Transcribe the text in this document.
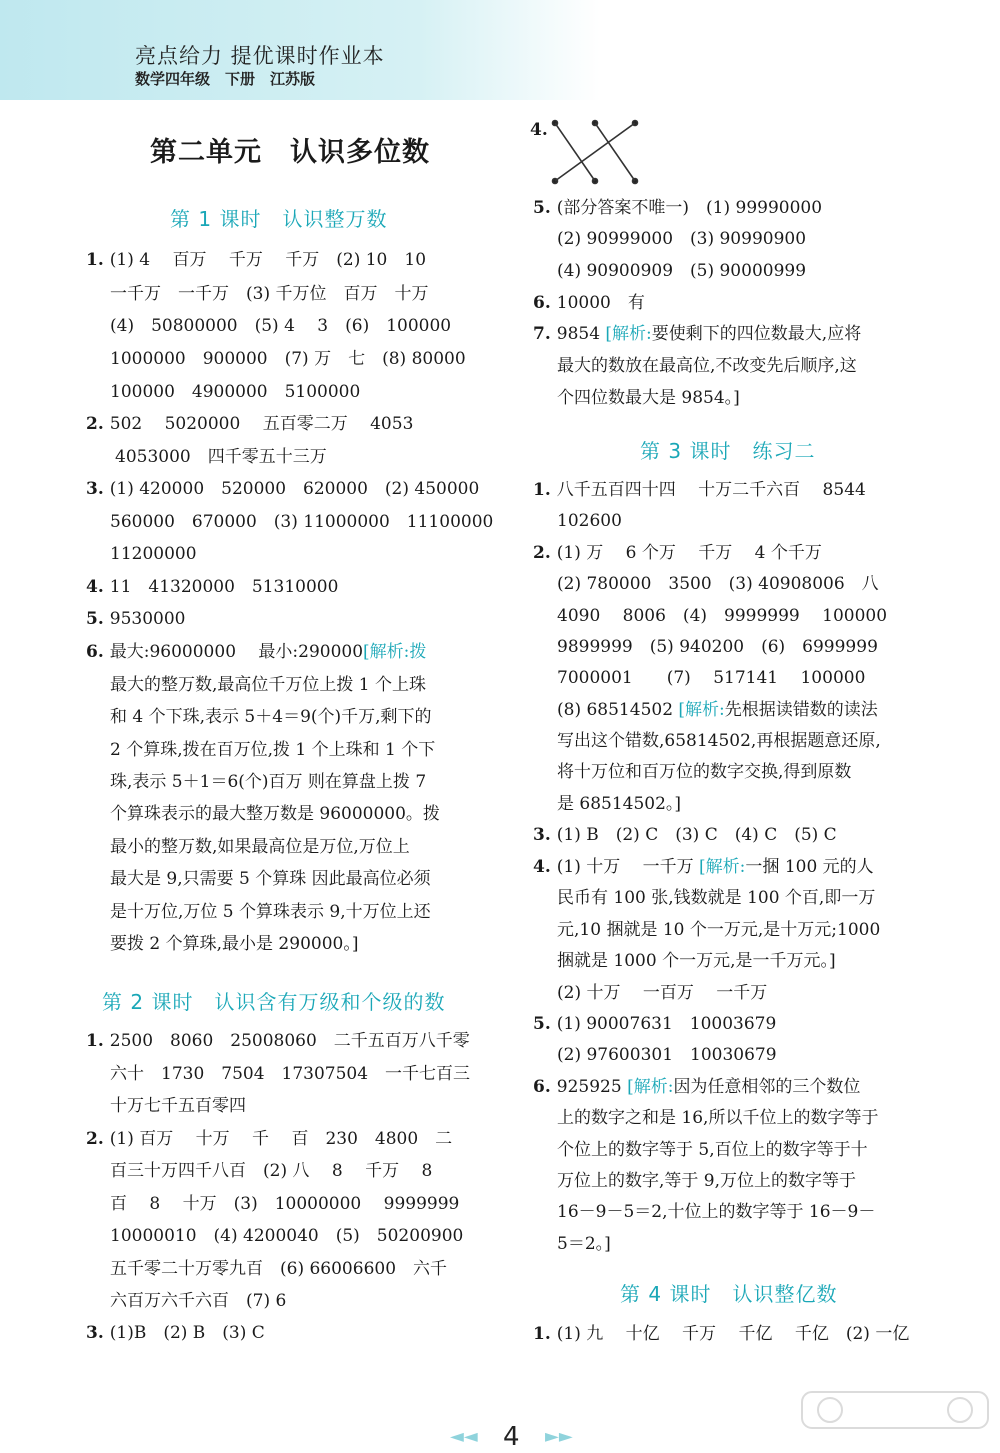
亮点给力 提优课时作业本
数学四年级　下册　江苏版
第二单元　认识多位数
第 1 课时　认识整万数
第 2 课时　认识含有万级和个级的数
第 3 课时　练习二
第 4 课时　认识整亿数
1. (1) 4　 百万　 千万　 千万　(2) 10　10
一千万　一千万　(3) 千万位　百万　十万
(4)　50800000　(5) 4　 3　(6)　100000
1000000　900000　(7) 万　七　(8) 80000
100000　4900000　5100000
2. 502　 5020000　 五百零二万　 4053
4053000　四千零五十三万
3. (1) 420000　520000　620000　(2) 450000
560000　670000　(3) 11000000　11100000
11200000
4. 11　41320000　51310000
5. 9530000
6. 最大:96000000　 最小:290000[解析:拨
最大的整万数,最高位千万位上拨 1 个上珠
和 4 个下珠,表示 5＋4＝9(个)千万,剩下的
2 个算珠,拨在百万位,拨 1 个上珠和 1 个下
珠,表示 5＋1＝6(个)百万 则在算盘上拨 7
个算珠表示的最大整万数是 96000000。拨
最小的整万数,如果最高位是万位,万位上
最大是 9,只需要 5 个算珠 因此最高位必须
是十万位,万位 5 个算珠表示 9,十万位上还
要拨 2 个算珠,最小是 290000。]
1. 2500　8060　25008060　二千五百万八千零
六十　1730　7504　17307504　一千七百三
十万七千五百零四
2. (1) 百万　 十万　 千　 百　230　4800　二
百三十万四千八百　(2) 八　 8　 千万　 8
百　 8　 十万　(3)　10000000　 9999999
10000010　(4) 4200040　(5)　50200900
五千零二十万零九百　(6) 66006600　六千
六百万六千六百　(7) 6
3. (1)B　(2) B　(3) C
5. (部分答案不唯一)　(1) 99990000
(2) 90999000　(3) 90990900
(4) 90900909　(5) 90000999
6. 10000　有
7. 9854 [解析:要使剩下的四位数最大,应将
最大的数放在最高位,不改变先后顺序,这
个四位数最大是 9854。]
1. 八千五百四十四　 十万二千六百　 8544
102600
2. (1) 万　 6 个万　 千万　 4 个千万
(2) 780000　3500　(3) 40908006　八
4090　 8006　(4)　9999999　 100000
9899999　(5) 940200　(6)　6999999
7000001　　(7)　 517141　 100000
(8) 68514502 [解析:先根据读错数的读法
写出这个错数,65814502,再根据题意还原,
将十万位和百万位的数字交换,得到原数
是 68514502。]
3. (1) B　(2) C　(3) C　(4) C　(5) C
4. (1) 十万　 一千万 [解析:一捆 100 元的人
民币有 100 张,钱数就是 100 个百,即一万
元,10 捆就是 10 个一万元,是十万元;1000
捆就是 1000 个一万元,是一千万元。]
(2) 十万　 一百万　 一千万
5. (1) 90007631　10003679
(2) 97600301　10030679
6. 925925 [解析:因为任意相邻的三个数位
上的数字之和是 16,所以千位上的数字等于
个位上的数字等于 5,百位上的数字等于十
万位上的数字,等于 9,万位上的数字等于
16－9－5＝2,十位上的数字等于 16－9－
5＝2。]
1. (1) 九　 十亿　 千万　 千亿　 千亿　(2) 一亿
4.
◄◄ 4 ►►
